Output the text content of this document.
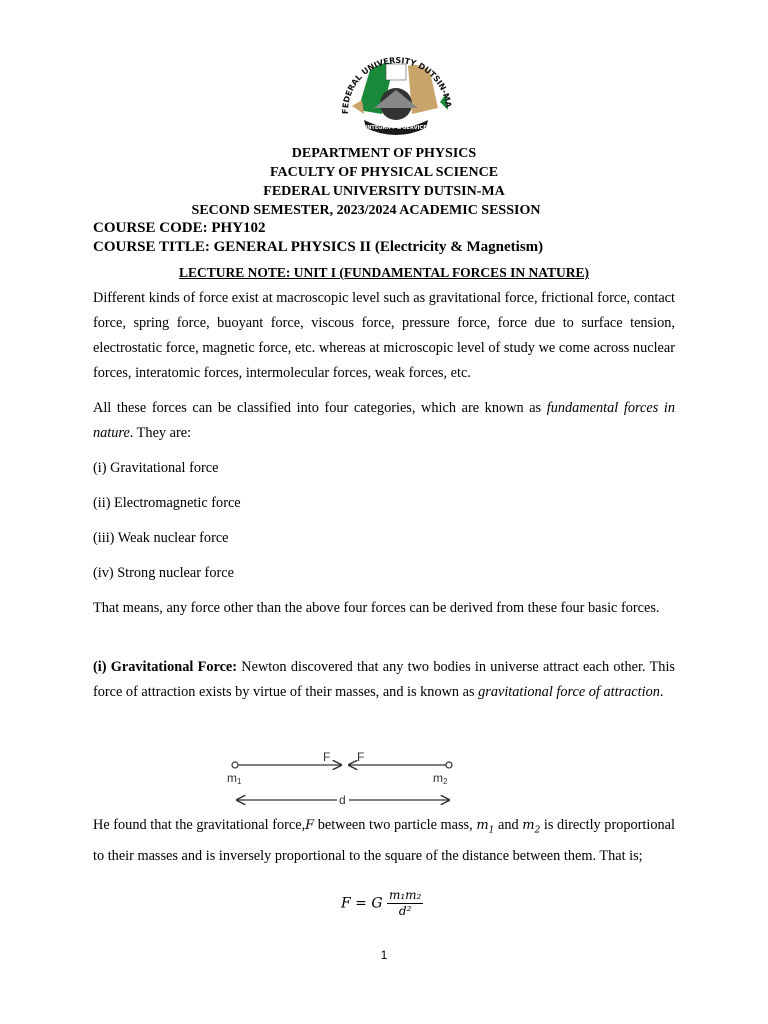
INTEGRITY & SERVICE
FEDERAL UNIVERSITY DUTSIN-MA
DEPARTMENT OF PHYSICS
FACULTY OF PHYSICAL SCIENCE
FEDERAL UNIVERSITY DUTSIN-MA
SECOND SEMESTER, 2023/2024 ACADEMIC SESSION
COURSE CODE: PHY102
COURSE TITLE: GENERAL PHYSICS II (Electricity & Magnetism)
LECTURE NOTE: UNIT I (FUNDAMENTAL FORCES IN NATURE)
Different kinds of force exist at macroscopic level such as gravitational force, frictional force, contact force, spring force, buoyant force, viscous force, pressure force, force due to surface tension, electrostatic force, magnetic force, etc. whereas at microscopic level of study we come across nuclear forces, interatomic forces, intermolecular forces, weak forces, etc.
All these forces can be classified into four categories, which are known as fundamental forces in nature. They are:
(i) Gravitational force
(ii) Electromagnetic force
(iii) Weak nuclear force
(iv) Strong nuclear force
That means, any force other than the above four forces can be derived from these four basic forces.
(i) Gravitational Force: Newton discovered that any two bodies in universe attract each other. This force of attraction exists by virtue of their masses, and is known as gravitational force of attraction.
F F
m1	m2
d
He found that the gravitational force,F between two particle mass, $m_1$ and $m_2$ is directly proportional to their masses and is inversely proportional to the square of the distance between them. That is;
F = G $\frac{\text{m₁m₂}}{\text{d²}}$
1
